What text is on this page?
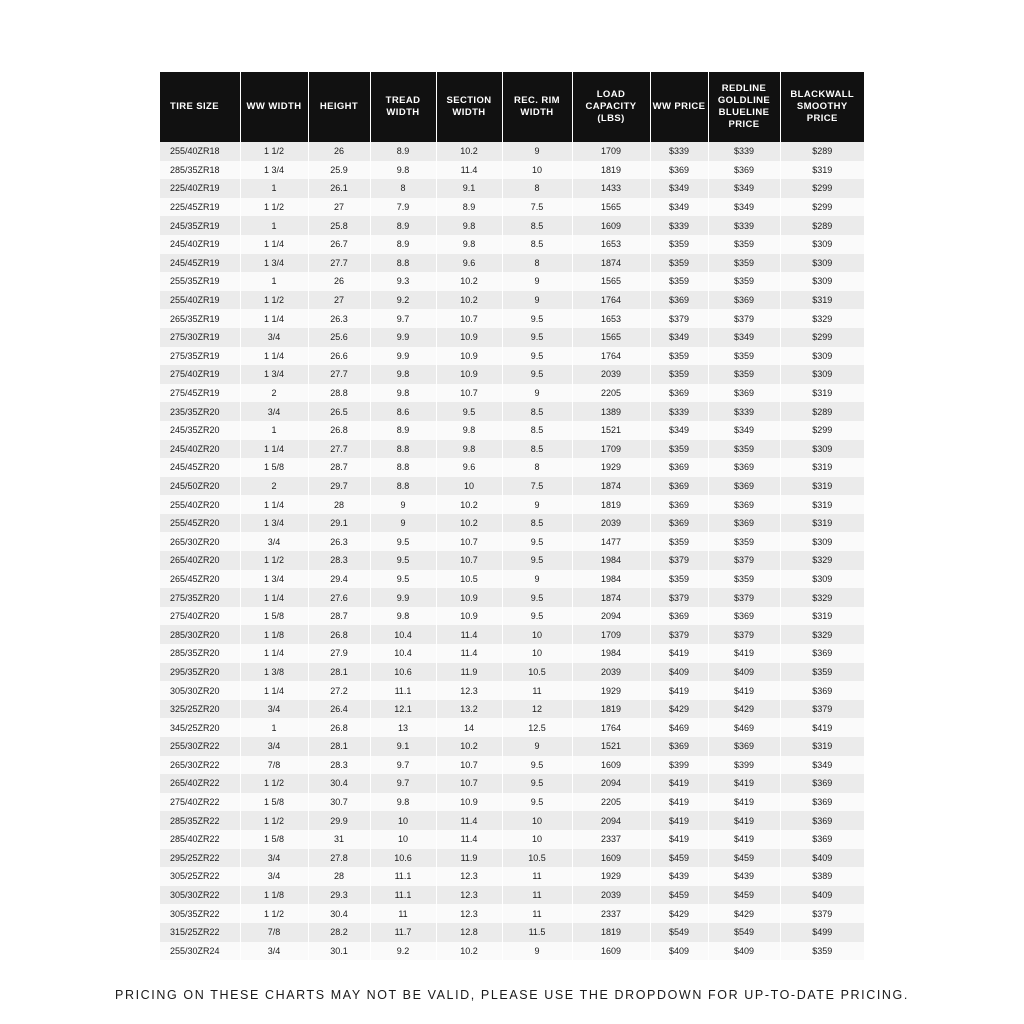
TIRE SIZE	WW WIDTH	HEIGHT	TREAD WIDTH	SECTION WIDTH	REC. RIM WIDTH	LOAD CAPACITY (LBS)	WW PRICE	REDLINE GOLDLINE BLUELINE PRICE	BLACKWALL SMOOTHY PRICE
255/40ZR18	1 1/2	26	8.9	10.2	9	1709	$339	$339	$289
285/35ZR18	1 3/4	25.9	9.8	11.4	10	1819	$369	$369	$319
225/40ZR19	1	26.1	8	9.1	8	1433	$349	$349	$299
225/45ZR19	1 1/2	27	7.9	8.9	7.5	1565	$349	$349	$299
245/35ZR19	1	25.8	8.9	9.8	8.5	1609	$339	$339	$289
245/40ZR19	1 1/4	26.7	8.9	9.8	8.5	1653	$359	$359	$309
245/45ZR19	1 3/4	27.7	8.8	9.6	8	1874	$359	$359	$309
255/35ZR19	1	26	9.3	10.2	9	1565	$359	$359	$309
255/40ZR19	1 1/2	27	9.2	10.2	9	1764	$369	$369	$319
265/35ZR19	1 1/4	26.3	9.7	10.7	9.5	1653	$379	$379	$329
275/30ZR19	3/4	25.6	9.9	10.9	9.5	1565	$349	$349	$299
275/35ZR19	1 1/4	26.6	9.9	10.9	9.5	1764	$359	$359	$309
275/40ZR19	1 3/4	27.7	9.8	10.9	9.5	2039	$359	$359	$309
275/45ZR19	2	28.8	9.8	10.7	9	2205	$369	$369	$319
235/35ZR20	3/4	26.5	8.6	9.5	8.5	1389	$339	$339	$289
245/35ZR20	1	26.8	8.9	9.8	8.5	1521	$349	$349	$299
245/40ZR20	1 1/4	27.7	8.8	9.8	8.5	1709	$359	$359	$309
245/45ZR20	1 5/8	28.7	8.8	9.6	8	1929	$369	$369	$319
245/50ZR20	2	29.7	8.8	10	7.5	1874	$369	$369	$319
255/40ZR20	1 1/4	28	9	10.2	9	1819	$369	$369	$319
255/45ZR20	1 3/4	29.1	9	10.2	8.5	2039	$369	$369	$319
265/30ZR20	3/4	26.3	9.5	10.7	9.5	1477	$359	$359	$309
265/40ZR20	1 1/2	28.3	9.5	10.7	9.5	1984	$379	$379	$329
265/45ZR20	1 3/4	29.4	9.5	10.5	9	1984	$359	$359	$309
275/35ZR20	1 1/4	27.6	9.9	10.9	9.5	1874	$379	$379	$329
275/40ZR20	1 5/8	28.7	9.8	10.9	9.5	2094	$369	$369	$319
285/30ZR20	1 1/8	26.8	10.4	11.4	10	1709	$379	$379	$329
285/35ZR20	1 1/4	27.9	10.4	11.4	10	1984	$419	$419	$369
295/35ZR20	1 3/8	28.1	10.6	11.9	10.5	2039	$409	$409	$359
305/30ZR20	1 1/4	27.2	11.1	12.3	11	1929	$419	$419	$369
325/25ZR20	3/4	26.4	12.1	13.2	12	1819	$429	$429	$379
345/25ZR20	1	26.8	13	14	12.5	1764	$469	$469	$419
255/30ZR22	3/4	28.1	9.1	10.2	9	1521	$369	$369	$319
265/30ZR22	7/8	28.3	9.7	10.7	9.5	1609	$399	$399	$349
265/40ZR22	1 1/2	30.4	9.7	10.7	9.5	2094	$419	$419	$369
275/40ZR22	1 5/8	30.7	9.8	10.9	9.5	2205	$419	$419	$369
285/35ZR22	1 1/2	29.9	10	11.4	10	2094	$419	$419	$369
285/40ZR22	1 5/8	31	10	11.4	10	2337	$419	$419	$369
295/25ZR22	3/4	27.8	10.6	11.9	10.5	1609	$459	$459	$409
305/25ZR22	3/4	28	11.1	12.3	11	1929	$439	$439	$389
305/30ZR22	1 1/8	29.3	11.1	12.3	11	2039	$459	$459	$409
305/35ZR22	1 1/2	30.4	11	12.3	11	2337	$429	$429	$379
315/25ZR22	7/8	28.2	11.7	12.8	11.5	1819	$549	$549	$499
255/30ZR24	3/4	30.1	9.2	10.2	9	1609	$409	$409	$359
PRICING ON THESE CHARTS MAY NOT BE VALID, PLEASE USE THE DROPDOWN FOR UP-TO-DATE PRICING.
